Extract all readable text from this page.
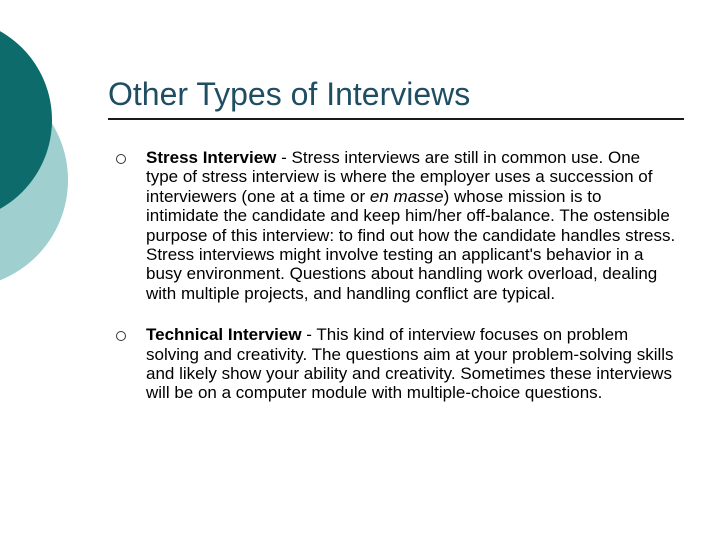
Other Types of Interviews
Stress Interview - Stress interviews are still in common use. One type of stress interview is where the employer uses a succession of interviewers (one at a time or en masse) whose mission is to intimidate the candidate and keep him/her off-balance. The ostensible purpose of this interview: to find out how the candidate handles stress. Stress interviews might involve testing an applicant's behavior in a busy environment. Questions about handling work overload, dealing with multiple projects, and handling conflict are typical.
Technical Interview - This kind of interview focuses on problem solving and creativity. The questions aim at your problem-solving skills and likely show your ability and creativity. Sometimes these interviews will be on a computer module with multiple-choice questions.
